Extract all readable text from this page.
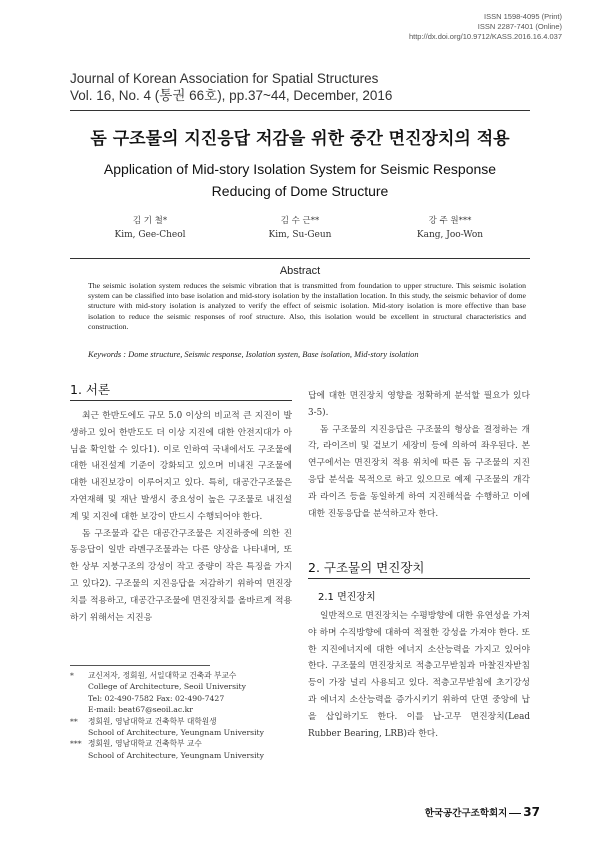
ISSN 1598-4095 (Print)
ISSN 2287-7401 (Online)
http://dx.doi.org/10.9712/KASS.2016.16.4.037
Journal of Korean Association for Spatial Structures
Vol. 16, No. 4 (통권 66호), pp.37~44, December, 2016
돔 구조물의 지진응답 저감을 위한 중간 면진장치의 적용
Application of Mid-story Isolation System for Seismic Response
Reducing of Dome Structure
김 기 철*
Kim, Gee-Cheol
김 수 근**
Kim, Su-Geun
강 주 원***
Kang, Joo-Won
Abstract
The seismic isolation system reduces the seismic vibration that is transmitted from foundation to upper structure. This seismic isolation system can be classified into base isolation and mid-story isolation by the installation location. In this study, the seismic behavior of dome structure with mid-story isolation is analyzed to verify the effect of seismic isolation. Mid-story isolation is more effective than base isolation to reduce the seismic responses of roof structure. Also, this isolation would be excellent in structural characteristics and construction.
Keywords : Dome structure, Seismic response, Isolation systen, Base isolation, Mid-story isolation
1. 서론

최근 한반도에도 규모 5.0 이상의 비교적 큰 지진이 발생하고 있어 한반도도 더 이상 지진에 대한 안전지대가 아님을 확인할 수 있다1). 이로 인하여 국내에서도 구조물에 대한 내진설계 기준이 강화되고 있으며 비내진 구조물에 대한 내진보강이 이루어지고 있다. 특히, 대공간구조물은 자연재해 및 재난 발생시 중요성이 높은 구조물로 내진설계 및 지진에 대한 보강이 반드시 수행되어야 한다.

돔 구조물과 같은 대공간구조물은 지진하중에 의한 진동응답이 일반 라멘구조물과는 다른 양상을 나타내며, 또한 상부 지붕구조의 강성이 작고 중량이 작은 특징을 가지고 있다2). 구조물의 지진응답을 저감하기 위하여 면진장치를 적용하고, 대공간구조물에 면진장치를 올바르게 적용하기 위해서는 지진응

*	교신저자, 정회원, 서일대학교 건축과 부교수
College of Architecture, Seoil University
Tel: 02-490-7582 Fax: 02-490-7427
E-mail: beat67@seoil.ac.kr
**	정회원, 영남대학교 건축학부 대학원생
School of Architecture, Yeungnam University
*** 정회원, 영남대학교 건축학부 교수
School of Architecture, Yeungnam University

답에 대한 면진장치 영향을 정확하게 분석할 필요가 있다3-5).

돔 구조물의 지진응답은 구조물의 형상을 결정하는 개각, 라이즈비 및 겉보기 세장비 등에 의하여 좌우된다. 본 연구에서는 면진장치 적용 위치에 따른 돔 구조물의 지진응답 분석을 목적으로 하고 있으므로 예제 구조물의 개각과 라이즈 등을 동일하게 하여 지진해석을 수행하고 이에 대한 진동응답을 분석하고자 한다.

2. 구조물의 면진장치
2.1 면진장치

일반적으로 면진장치는 수평방향에 대한 유연성을 가져야 하며 수직방향에 대하여 적절한 강성을 가져야 한다. 또한 지진에너지에 대한 에너지 소산능력을 가지고 있어야 한다. 구조물의 면진장치로 적층고무받침과 마찰진자받침 등이 가장 널리 사용되고 있다. 적층고무받침에 초기강성과 에너지 소산능력을 증가시키기 위하여 단면 중앙에 납을 삽입하기도 한다. 이를 납-고무 면진장치(Lead Rubber Bearing, LRB)라 한다.

한국공간구조학회지 37
